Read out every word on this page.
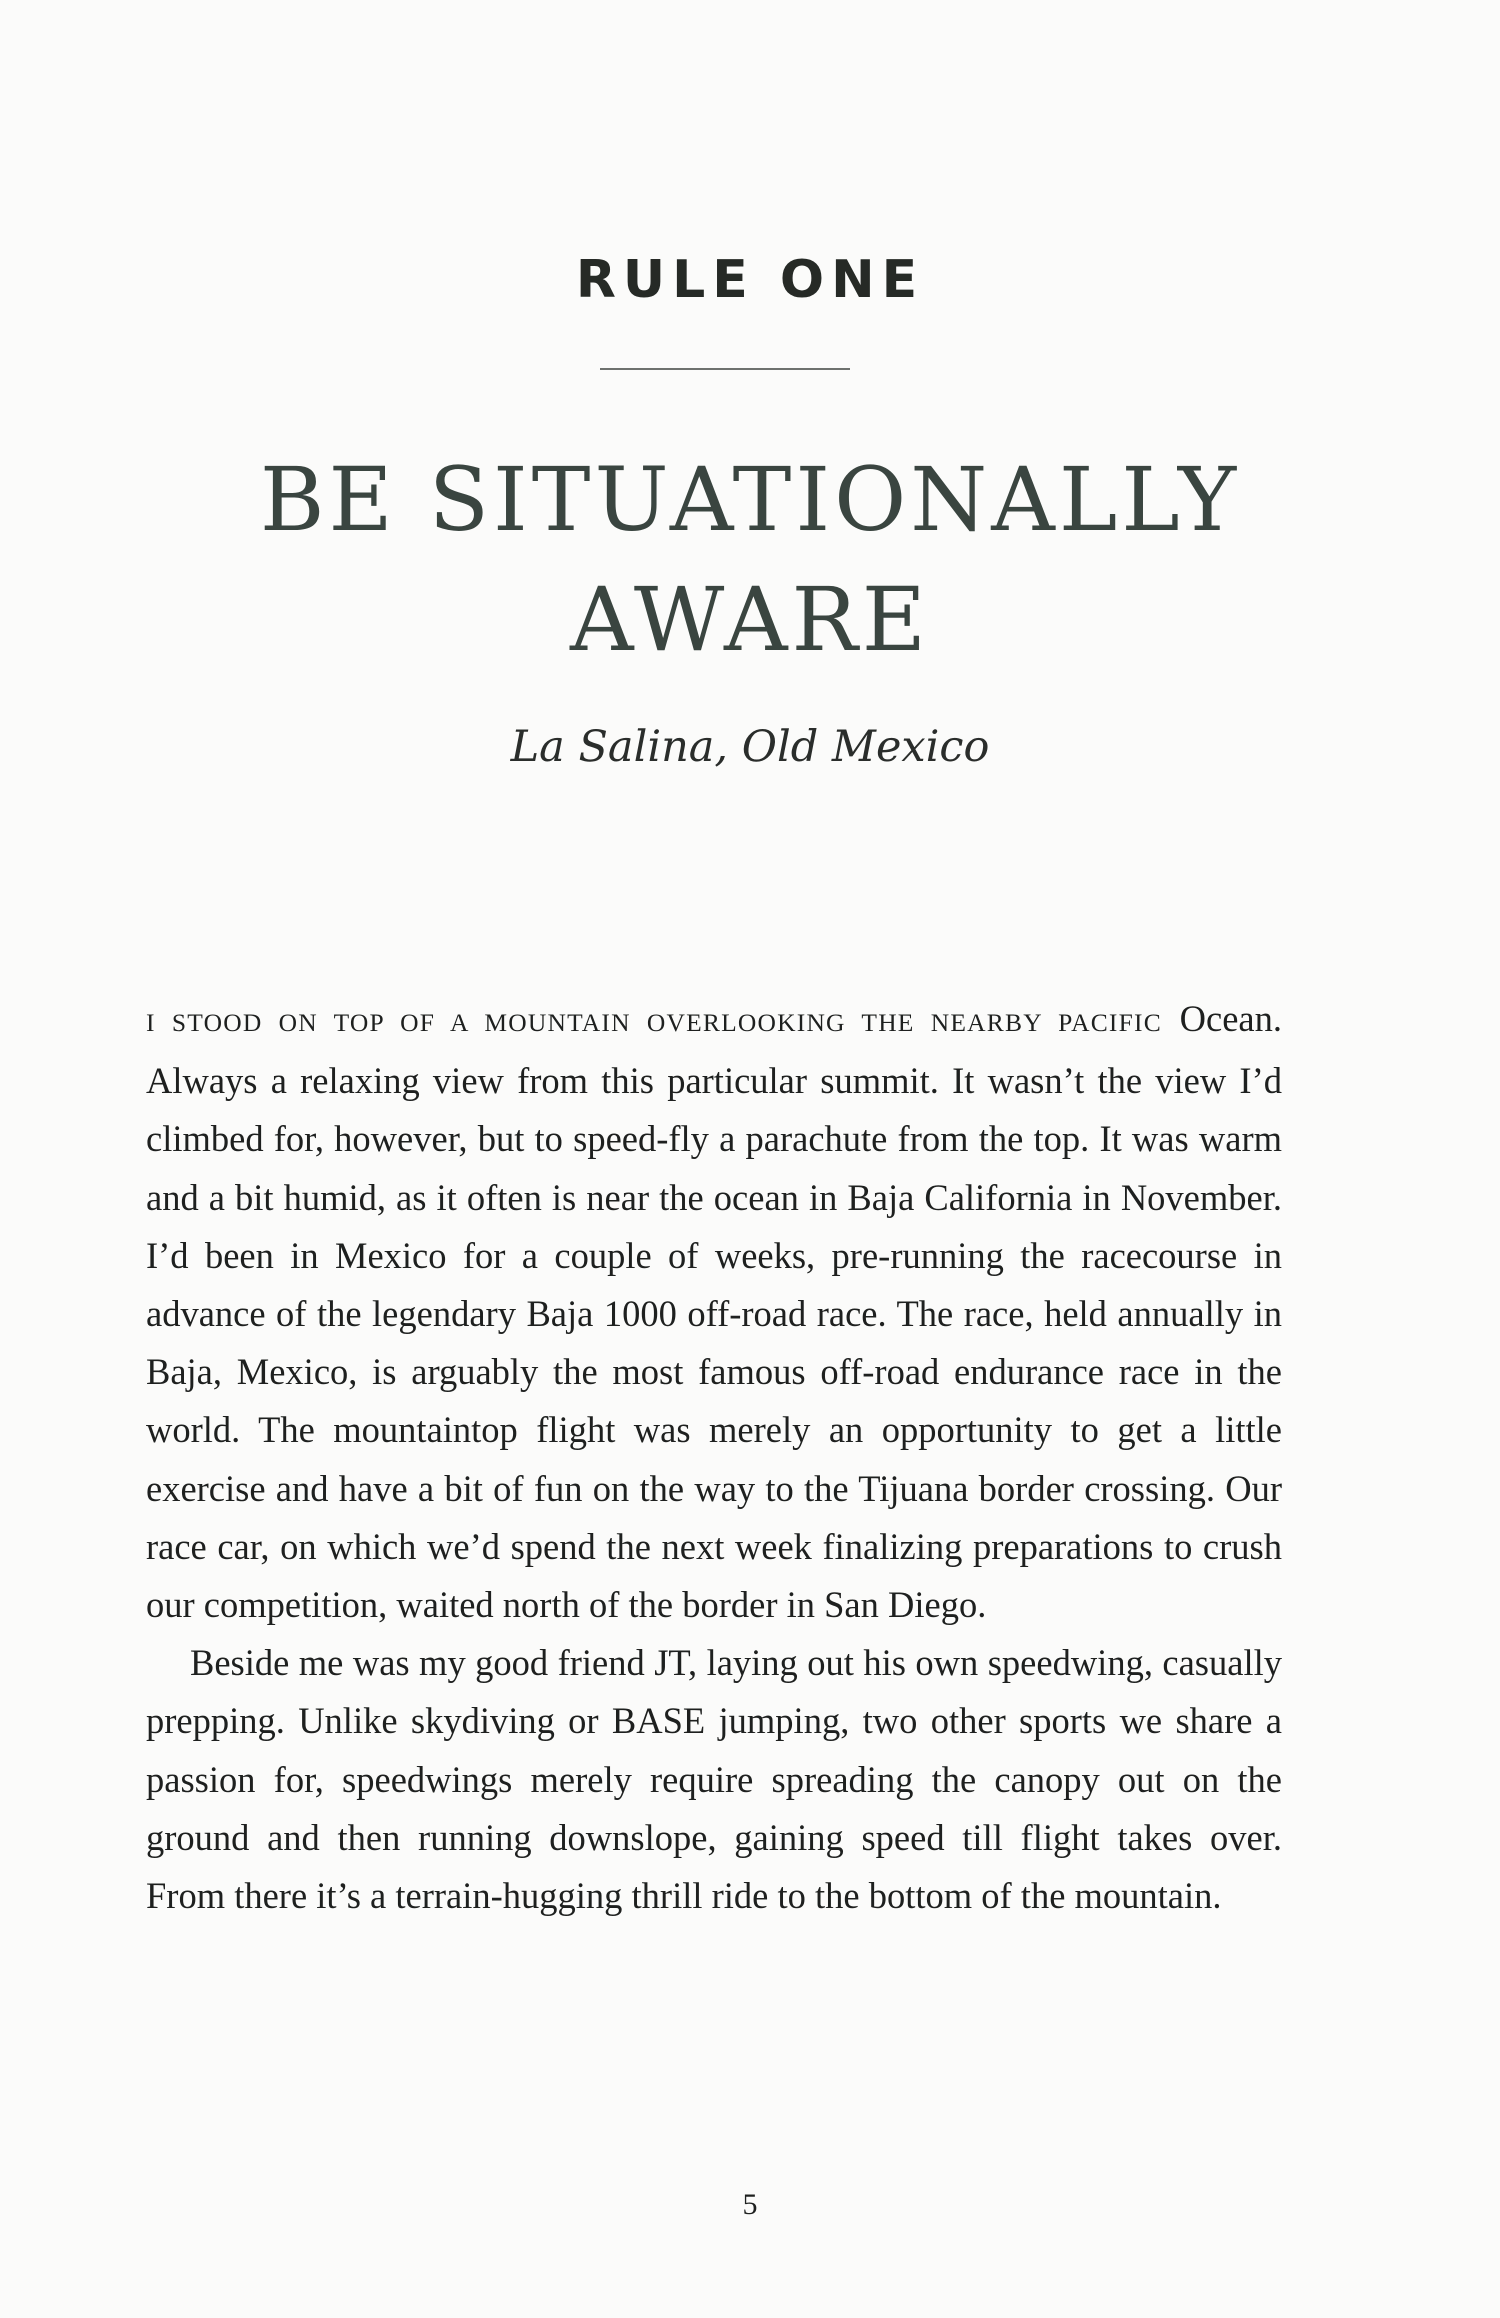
RULE ONE
BE SITUATIONALLY
AWARE

La Salina, Old Mexico

I STOOD ON TOP OF A MOUNTAIN OVERLOOKING THE NEARBY PACIFIC Ocean. Always a relaxing view from this particular summit. It wasn’t the view I’d climbed for, however, but to speed-fly a parachute from the top. It was warm and a bit humid, as it often is near the ocean in Baja California in November. I’d been in Mexico for a couple of weeks, pre-running the racecourse in advance of the legendary Baja 1000 off-road race. The race, held annually in Baja, Mexico, is arguably the most famous off-road endurance race in the world. The mountaintop flight was merely an opportunity to get a little exercise and have a bit of fun on the way to the Tijuana border crossing. Our race car, on which we’d spend the next week finalizing preparations to crush our competition, waited north of the border in San Diego.

Beside me was my good friend JT, laying out his own speedwing, casually prepping. Unlike skydiving or BASE jumping, two other sports we share a passion for, speedwings merely require spreading the canopy out on the ground and then running downslope, gaining speed till flight takes over. From there it’s a terrain-hugging thrill ride to the bottom of the mountain.

5
